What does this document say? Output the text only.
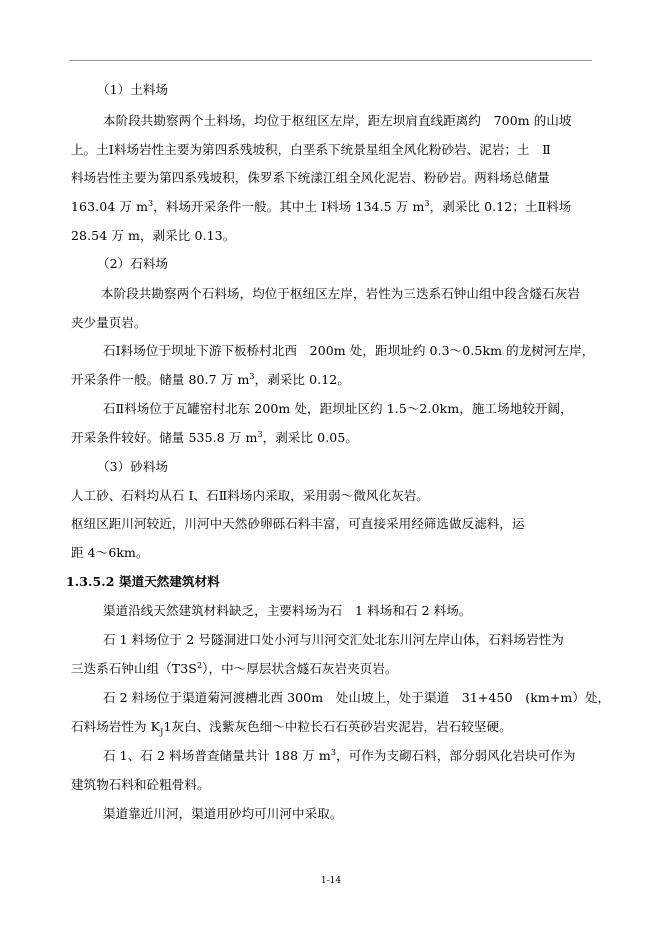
（1）土料场
本阶段共勘察两个土料场，均位于枢纽区左岸，距左坝肩直线距离约　700m 的山坡
上。土Ⅰ料场岩性主要为第四系残坡积，白垩系下统景星组全风化粉砂岩、泥岩；土　Ⅱ
料场岩性主要为第四系残坡积，侏罗系下统漾江组全风化泥岩、粉砂岩。两料场总储量
163.04 万 $m^3$，料场开采条件一般。其中土 Ⅰ料场 134.5 万 $m^3$，剥采比 0.12；土Ⅱ料场
28.54 万 m，剥采比 0.13。
（2）石料场
本阶段共勘察两个石料场，均位于枢纽区左岸，岩性为三迭系石钟山组中段含燧石灰岩
夹少量页岩。
石Ⅰ料场位于坝址下游下板桥村北西　200m 处，距坝址约 0.3～0.5km 的龙树河左岸，
开采条件一般。储量 80.7 万 $m^3$，剥采比 0.12。
石Ⅱ料场位于瓦罐窑村北东 200m 处，距坝址区约 1.5～2.0km，施工场地较开阔，
开采条件较好。储量 535.8 万 $m^3$，剥采比 0.05。
（3）砂料场
人工砂、石料均从石 Ⅰ、石Ⅱ料场内采取，采用弱～微风化灰岩。
枢纽区距川河较近，川河中天然砂卵砾石料丰富，可直接采用经筛选做反滤料，运
距 4～6km。
1.3.5.2 渠道天然建筑材料
渠道沿线天然建筑材料缺乏，主要料场为石　1 料场和石 2 料场。
石 1 料场位于 2 号隧洞进口处小河与川河交汇处北东川河左岸山体，石料场岩性为
三迭系石钟山组$(T3S^2)$，中～厚层状含燧石灰岩夹页岩。
石 2 料场位于渠道菊河渡槽北西 300m　处山坡上，处于渠道　31+450　(km+m）处，
石料场岩性为 $K_J1$灰白、浅紫灰色细～中粒长石石英砂岩夹泥岩，岩石较坚硬。
石 1、石 2 料场普查储量共计 188 万 $m^3$，可作为支砌石料，部分弱风化岩块可作为
建筑物石料和砼粗骨料。
渠道靠近川河，渠道用砂均可川河中采取。
1-14
